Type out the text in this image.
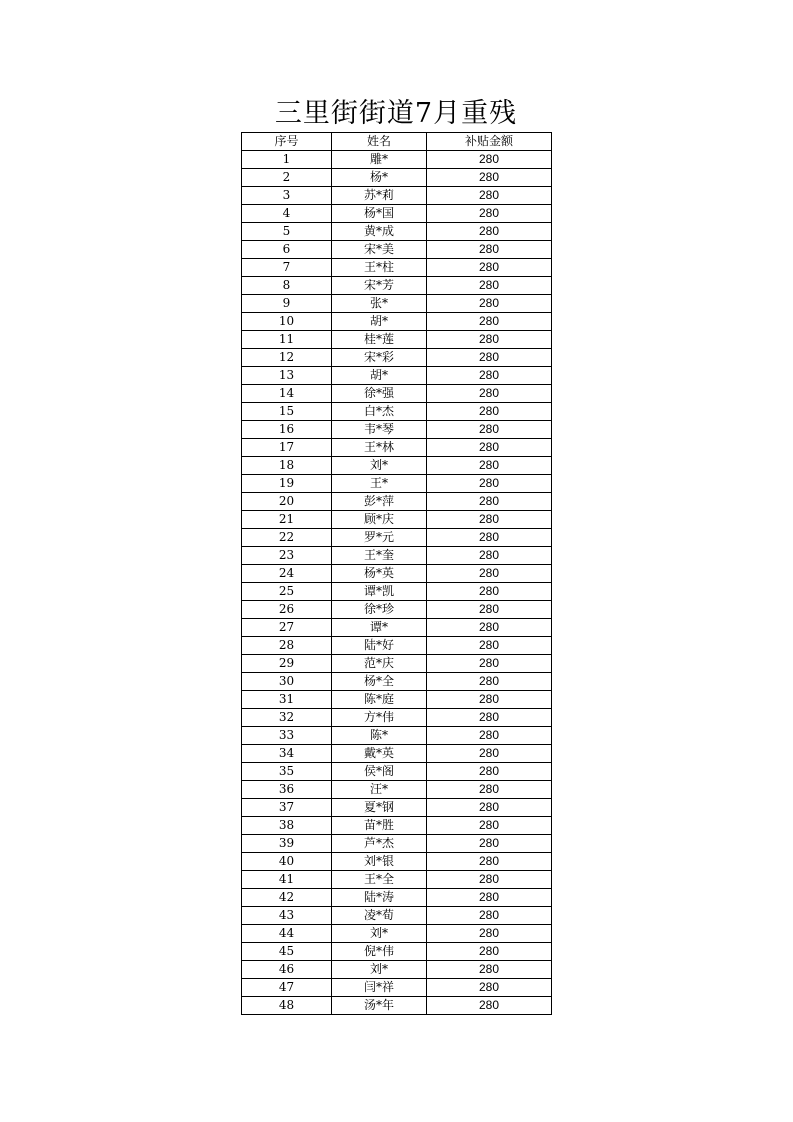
三里街街道7月重残
序号	姓名	补贴金额
1	雕*	280
2	杨*	280
3	苏*莉	280
4	杨*国	280
5	黄*成	280
6	宋*美	280
7	王*柱	280
8	宋*芳	280
9	张*	280
10	胡*	280
11	桂*莲	280
12	宋*彩	280
13	胡*	280
14	徐*强	280
15	白*杰	280
16	韦*琴	280
17	王*林	280
18	刘*	280
19	王*	280
20	彭*萍	280
21	顾*庆	280
22	罗*元	280
23	王*奎	280
24	杨*英	280
25	谭*凯	280
26	徐*珍	280
27	谭*	280
28	陆*好	280
29	范*庆	280
30	杨*全	280
31	陈*庭	280
32	方*伟	280
33	陈*	280
34	戴*英	280
35	侯*阁	280
36	汪*	280
37	夏*钢	280
38	苗*胜	280
39	芦*杰	280
40	刘*银	280
41	王*全	280
42	陆*涛	280
43	凌*荀	280
44	刘*	280
45	倪*伟	280
46	刘*	280
47	闫*祥	280
48	汤*年	280
